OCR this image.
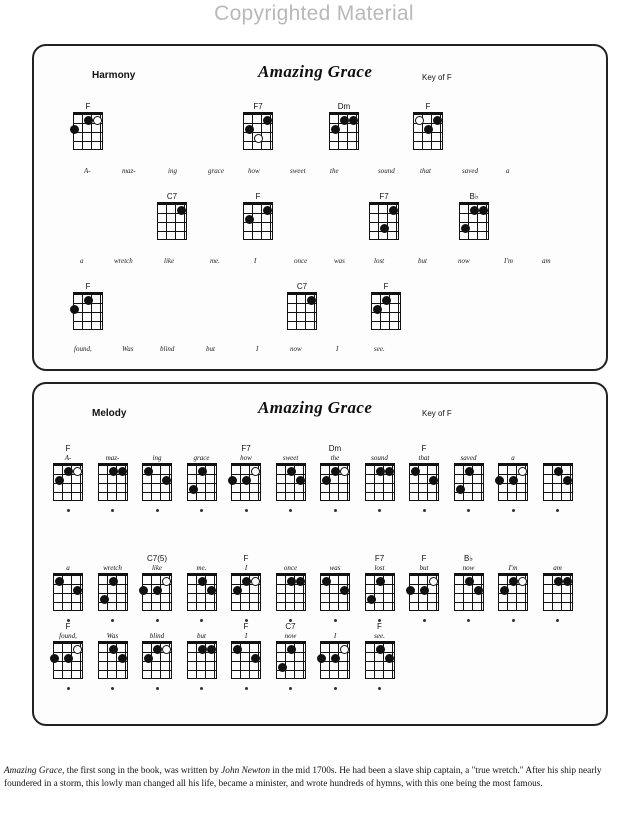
Copyrighted Material
Harmony	Amazing Grace	Key of F
F	F7	Dm	F
A-	maz-	ing	grace	how	sweet	the	sound	that	saved	a
C7	F	F7	B♭
a	wretch	like	me.	I	once	was	lost	but	now	I'm	am
F	C7	F
found,	Was	blind	but	I	now	I	see.
Melody	Amazing Grace	Key of F
F
A-	maz-	ing	grace
F7
how	sweet
Dm
the	sound
F
that	saved	a
a	wretch
C7(5)
like	me.
F
I	once	was
F7
lost
F
but
B♭
now	I'm	am
F
found,	Was	blind	but
F
I
C7
now	I
F
see.
Amazing Grace, the first song in the book, was written by John Newton in the mid 1700s. He had been a slave ship captain, a "true wretch." After his ship nearly foundered in a storm, this lowly man changed all his life, became a minister, and wrote hundreds of hymns, with this one being the most famous.
